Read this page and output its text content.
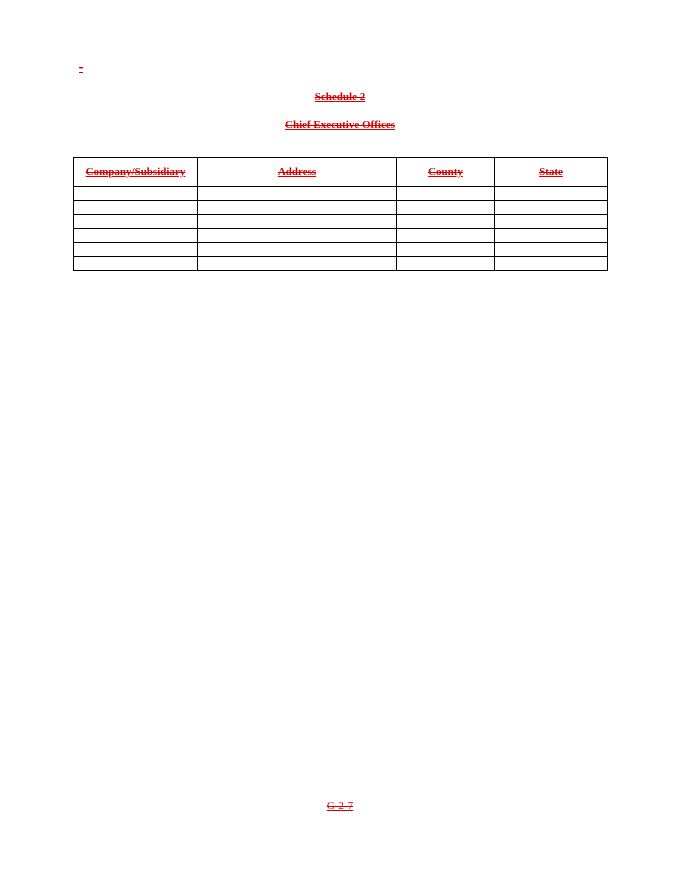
-
Schedule 2
Chief Executive Offices
Company/Subsidiary	Address	County	State

G-2-7
